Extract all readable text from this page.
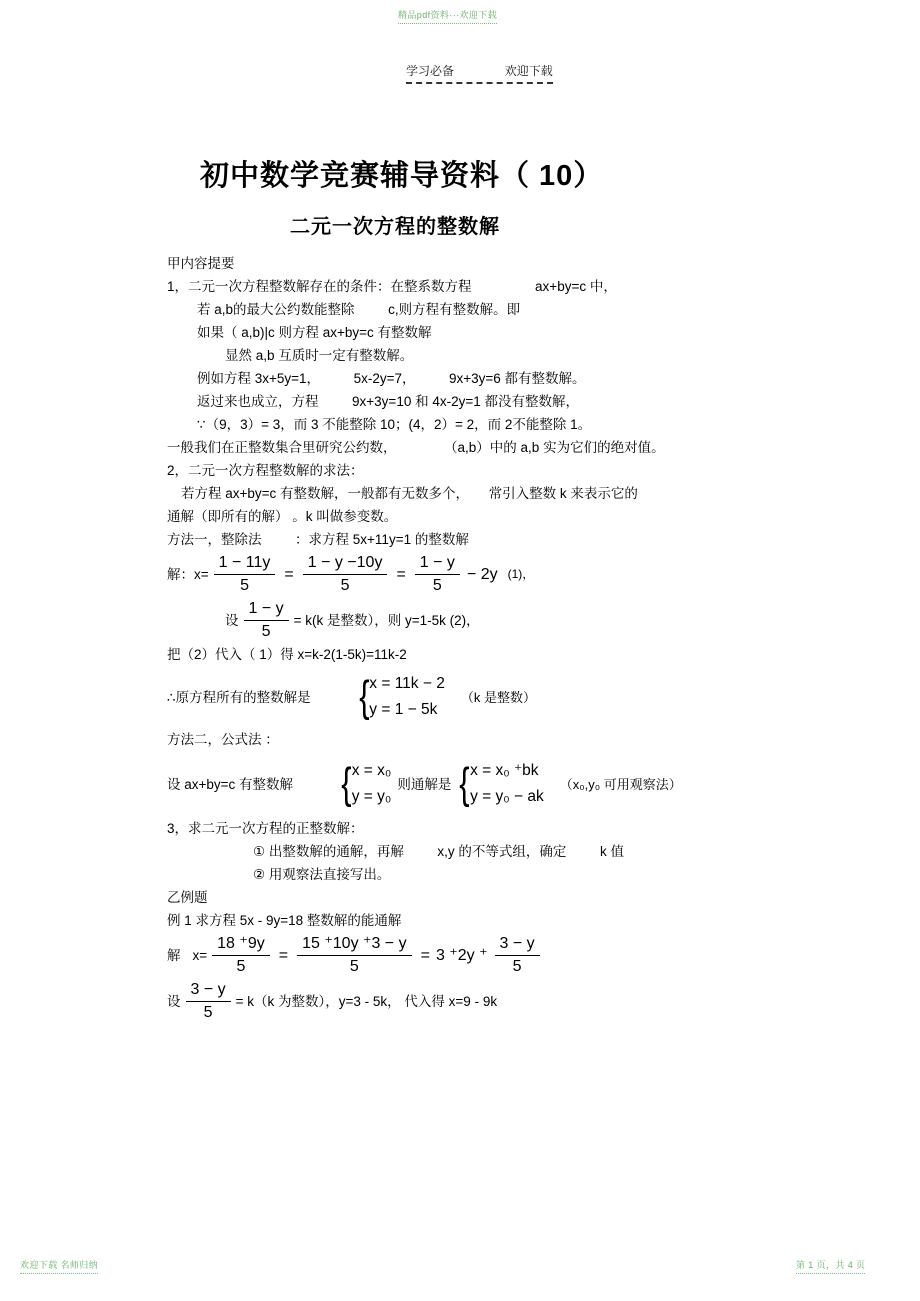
精品pdf资料···欢迎下载
欢迎下载 名师归纳	第 1 页，共 4 页
学习必备	欢迎下载
初中数学竞赛辅导资料（ 10）
二元一次方程的整数解
甲内容提要
1，二元一次方程整数解存在的条件：在整系数方程	ax+by=c 中，
若 a,b的最大公约数能整除 c,则方程有整数解。即
如果（ a,b)|c 则方程 ax+by=c 有整数解
显然 a,b 互质时一定有整数解。
例如方程 3x+5y=1， 5x-2y=7， 9x+3y=6 都有整数解。
返过来也成立，方程 9x+3y=10 和 4x-2y=1 都没有整数解，
∵（9，3）= 3，而 3 不能整除 10；(4，2）= 2，而 2不能整除 1。
一般我们在正整数集合里研究公约数，	（a,b）中的 a,b 实为它们的绝对值。
2，二元一次方程整数解的求法：
若方程 ax+by=c 有整数解，一般都有无数多个， 常引入整数 k 来表示它的
通解（即所有的解） 。k 叫做参变数。
方法一，整除法 ：求方程 5x+11y=1 的整数解
解： $x= \frac{1 - 11y}{5} = \frac{1 - y -10y}{5} = \frac{1 - y}{5} - 2y$ (1)，
设 $\frac{1 - y}{5} = k(k$ 是整数），则 y=1-5k (2)，
把（2）代入（ 1）得 x=k-2(1-5k)=11k-2
∴原方程所有的整数解是 { x = 11k − 2
y = 1 − 5k
（k 是整数）
方法二，公式法 ：
设 ax+by=c 有整数解 { x = x₀
y = y₀
则通解是 { x = x₀ ⁺bk
y = y₀ − ak
（x₀,y₀ 可用观察法）
3，求二元一次方程的正整数解：
① 出整数解的通解，再解 x,y 的不等式组，确定 k 值
② 用观察法直接写出。
乙例题
例 1 求方程 5x - 9y=18 整数解的能通解
解 $x= \frac{18 ^+9y}{5} = \frac{15 ^+10y ^+3 - y}{5} = 3$ ⁺2y ⁺ $\frac{3 - y}{5}$
设 $\frac{3 - y}{5} = k(k$ 为整数），y=3 - 5k， 代入得 x=9 - 9k
